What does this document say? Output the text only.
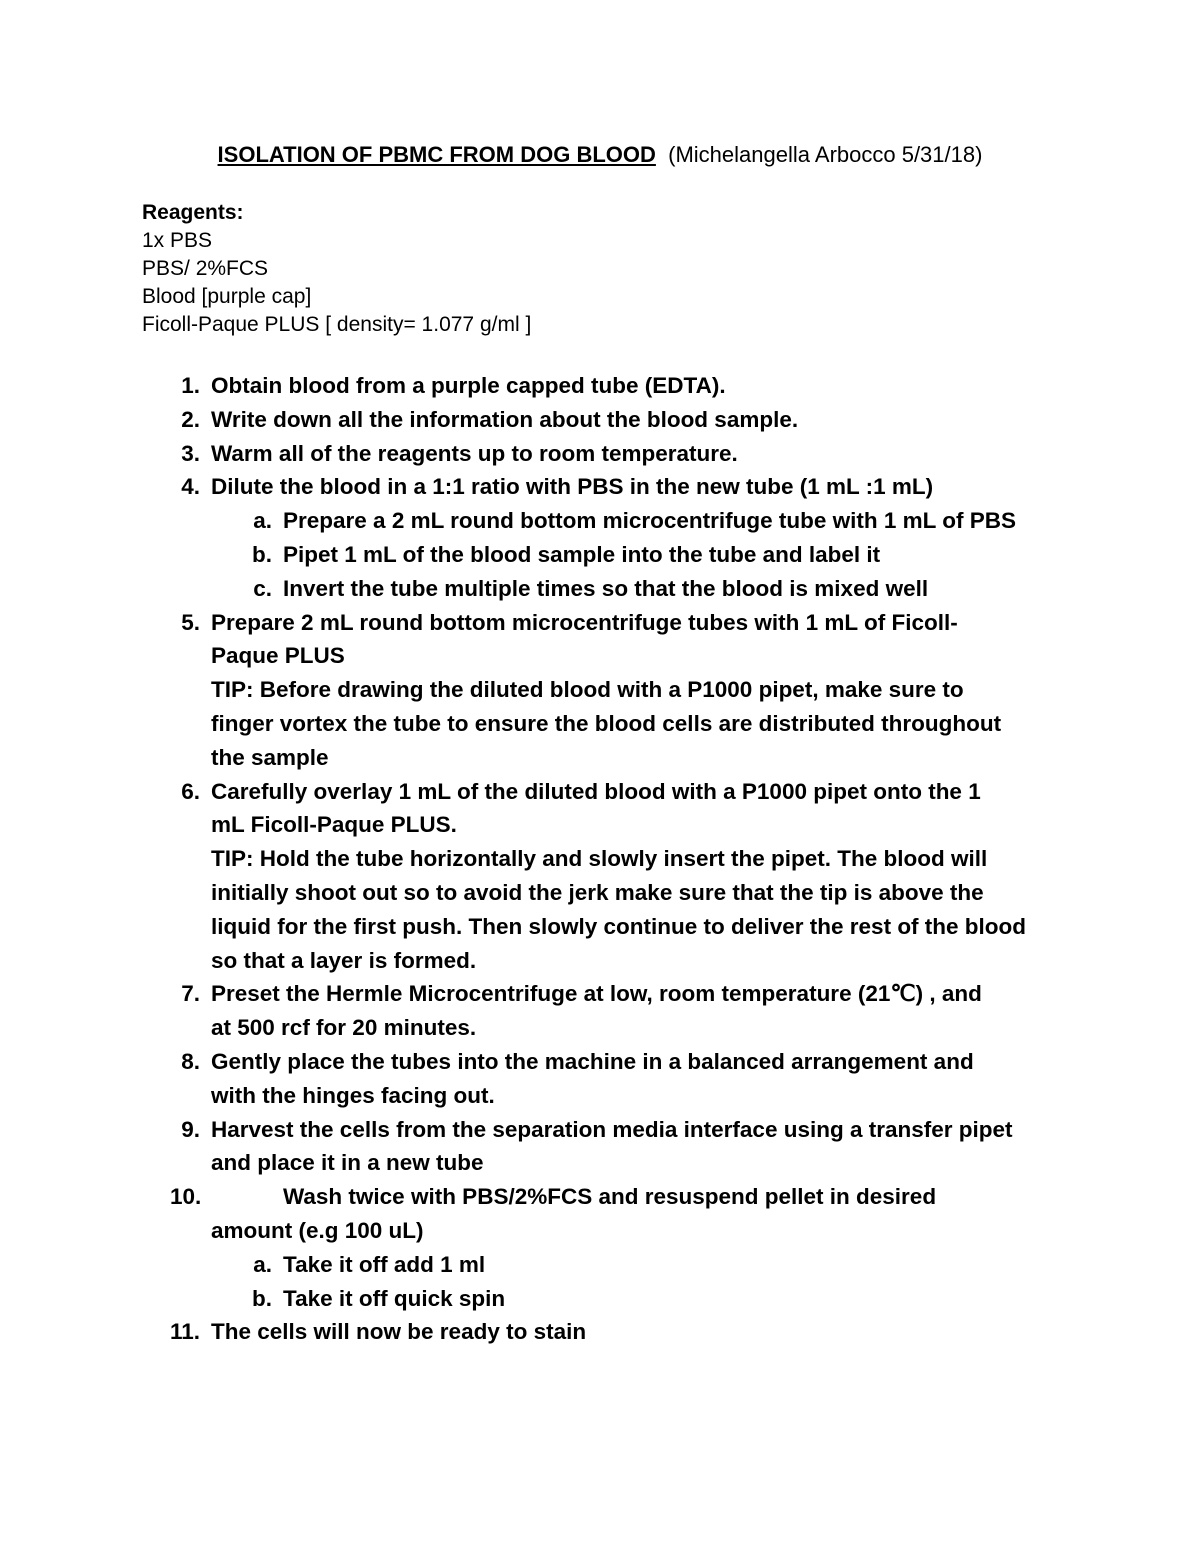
ISOLATION OF PBMC FROM DOG BLOOD (Michelangella Arbocco 5/31/18)
Reagents:
1x PBS
PBS/ 2%FCS
Blood [purple cap]
Ficoll-Paque PLUS [ density= 1.077 g/ml ]
1. Obtain blood from a purple capped tube (EDTA).
2. Write down all the information about the blood sample.
3. Warm all of the reagents up to room temperature.
4. Dilute the blood in a 1:1 ratio with PBS in the new tube (1 mL :1 mL)
a. Prepare a 2 mL round bottom microcentrifuge tube with 1 mL of PBS
b. Pipet 1 mL of the blood sample into the tube and label it
c. Invert the tube multiple times so that the blood is mixed well
5. Prepare 2 mL round bottom microcentrifuge tubes with 1 mL of Ficoll-
Paque PLUS
TIP: Before drawing the diluted blood with a P1000 pipet, make sure to
finger vortex the tube to ensure the blood cells are distributed throughout
the sample
6. Carefully overlay 1 mL of the diluted blood with a P1000 pipet onto the 1
mL Ficoll-Paque PLUS.
TIP: Hold the tube horizontally and slowly insert the pipet. The blood will
initially shoot out so to avoid the jerk make sure that the tip is above the
liquid for the first push. Then slowly continue to deliver the rest of the blood
so that a layer is formed.
7. Preset the Hermle Microcentrifuge at low, room temperature (21℃) , and
at 500 rcf for 20 minutes.
8. Gently place the tubes into the machine in a balanced arrangement and
with the hinges facing out.
9. Harvest the cells from the separation media interface using a transfer pipet
and place it in a new tube
10.	Wash twice with PBS/2%FCS and resuspend pellet in desired
amount (e.g 100 uL)
a. Take it off add 1 ml
b. Take it off quick spin
11. The cells will now be ready to stain
